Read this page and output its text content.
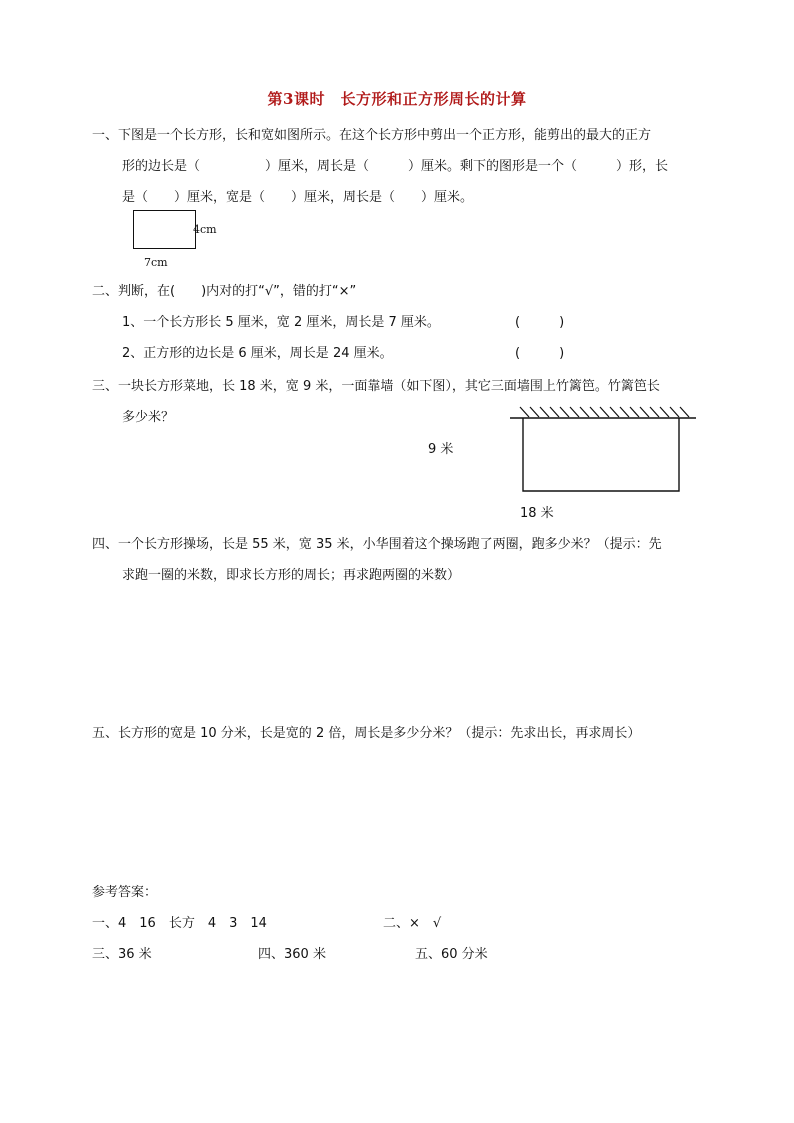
第3课时　长方形和正方形周长的计算
一、下图是一个长方形，长和宽如图所示。在这个长方形中剪出一个正方形，能剪出的最大的正方
形的边长是（　　　　　）厘米，周长是（　　　）厘米。剩下的图形是一个（　　　）形，长
是（　　）厘米，宽是（　　）厘米，周长是（　　）厘米。
4cm
7cm
二、判断，在(　　)内对的打“√”，错的打“×”
1、一个长方形长 5 厘米，宽 2 厘米，周长是 7 厘米。	(　　　)
2、正方形的边长是 6 厘米，周长是 24 厘米。	(　　　)
三、一块长方形菜地，长 18 米，宽 9 米，一面靠墙（如下图），其它三面墙围上竹篱笆。竹篱笆长
多少米？
9 米
18 米
四、一个长方形操场，长是 55 米，宽 35 米，小华围着这个操场跑了两圈，跑多少米？（提示：先
求跑一圈的米数，即求长方形的周长；再求跑两圈的米数）
五、长方形的宽是 10 分米，长是宽的 2 倍，周长是多少分米？（提示：先求出长，再求周长）
参考答案：
一、4　16　长方　4　3　14	二、×　√
三、36 米	四、360 米	五、60 分米
